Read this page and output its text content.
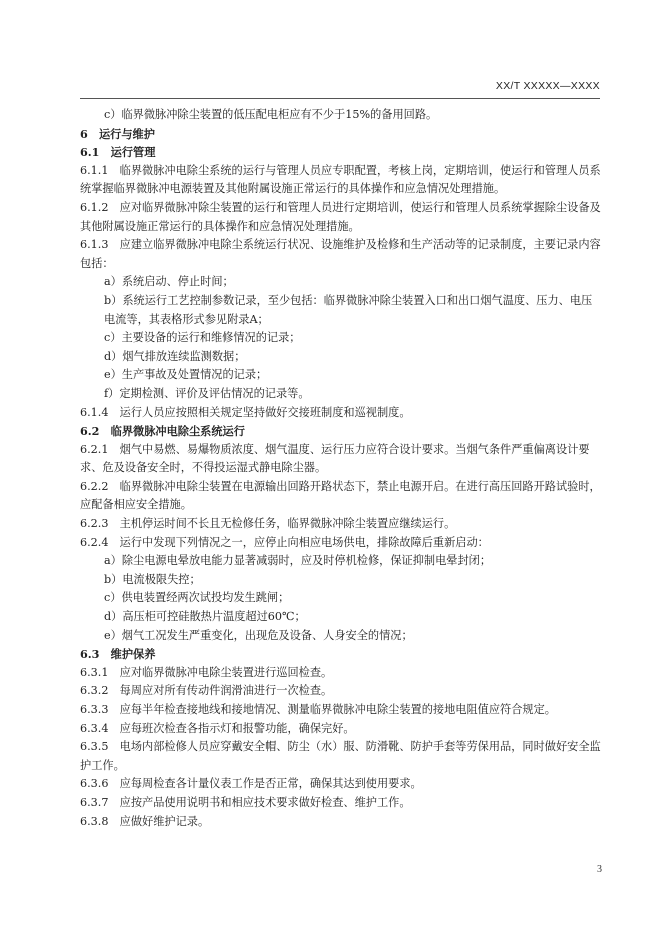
XX/T XXXXX—XXXX

c）临界微脉冲除尘装置的低压配电柜应有不少于15%的备用回路。

6　运行与维护

6.1　运行管理

6.1.1　临界微脉冲电除尘系统的运行与管理人员应专职配置，考核上岗，定期培训，使运行和管理人员系统掌握临界微脉冲电源装置及其他附属设施正常运行的具体操作和应急情况处理措施。

6.1.2　应对临界微脉冲除尘装置的运行和管理人员进行定期培训，使运行和管理人员系统掌握除尘设备及其他附属设施正常运行的具体操作和应急情况处理措施。

6.1.3　应建立临界微脉冲电除尘系统运行状况、设施维护及检修和生产活动等的记录制度，主要记录内容包括：

a）系统启动、停止时间；

b）系统运行工艺控制参数记录，至少包括：临界微脉冲除尘装置入口和出口烟气温度、压力、电压电流等，其表格形式参见附录A；

c）主要设备的运行和维修情况的记录；

d）烟气排放连续监测数据；

e）生产事故及处置情况的记录；

f）定期检测、评价及评估情况的记录等。

6.1.4　运行人员应按照相关规定坚持做好交接班制度和巡视制度。

6.2　临界微脉冲电除尘系统运行

6.2.1　烟气中易燃、易爆物质浓度、烟气温度、运行压力应符合设计要求。当烟气条件严重偏离设计要求、危及设备安全时，不得投运湿式静电除尘器。

6.2.2　临界微脉冲电除尘装置在电源输出回路开路状态下，禁止电源开启。在进行高压回路开路试验时，应配备相应安全措施。

6.2.3　主机停运时间不长且无检修任务，临界微脉冲除尘装置应继续运行。

6.2.4　运行中发现下列情况之一，应停止向相应电场供电，排除故障后重新启动：

a）除尘电源电晕放电能力显著减弱时，应及时停机检修，保证抑制电晕封闭；

b）电流极限失控；

c）供电装置经两次试投均发生跳闸；

d）高压柜可控硅散热片温度超过60℃；

e）烟气工况发生严重变化，出现危及设备、人身安全的情况；

6.3　维护保养

6.3.1　应对临界微脉冲电除尘装置进行巡回检查。

6.3.2　每周应对所有传动件润滑油进行一次检查。

6.3.3　应每半年检查接地线和接地情况、测量临界微脉冲电除尘装置的接地电阻值应符合规定。

6.3.4　应每班次检查各指示灯和报警功能，确保完好。

6.3.5　电场内部检修人员应穿戴安全帽、防尘（水）服、防滑靴、防护手套等劳保用品，同时做好安全监护工作。

6.3.6　应每周检查各计量仪表工作是否正常，确保其达到使用要求。

6.3.7　应按产品使用说明书和相应技术要求做好检查、维护工作。

6.3.8　应做好维护记录。

3
